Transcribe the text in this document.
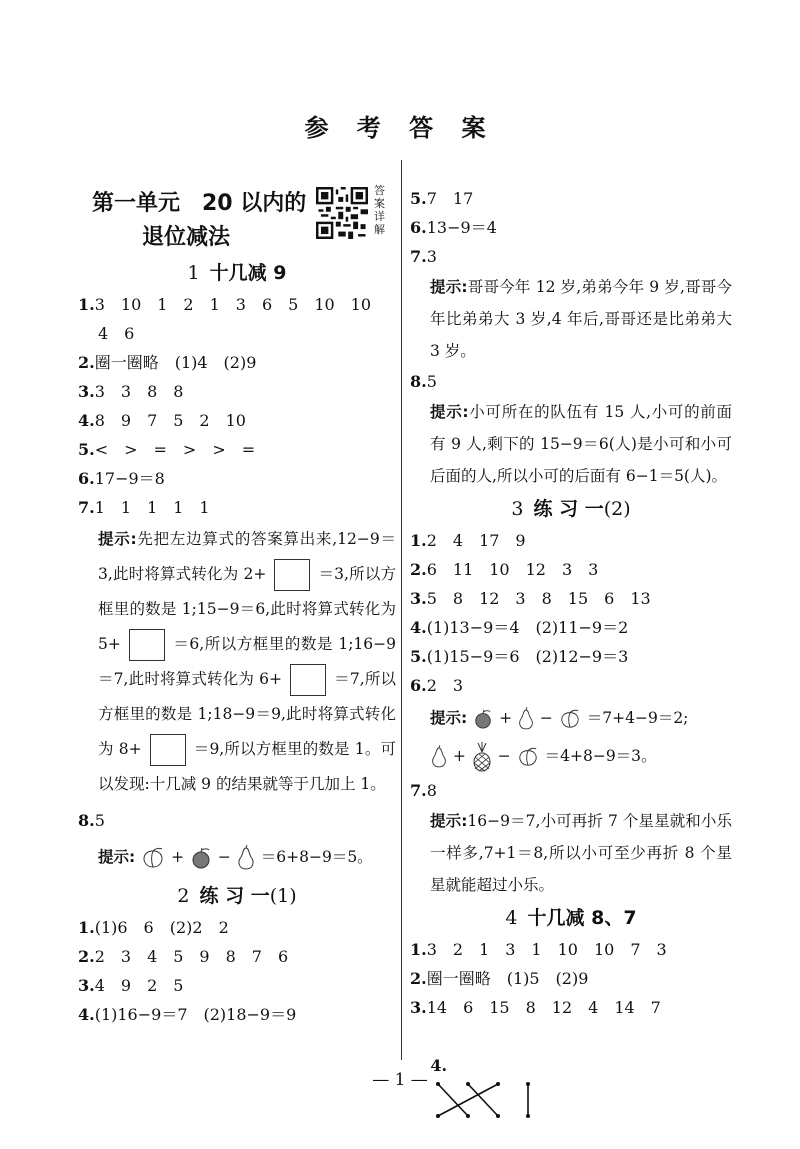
参 考 答 案
第一单元　20 以内的
退位减法
答案详解
1 十几减 9
1.3　10　1　2　1　3　6　5　10　10
4　6
2.圈一圈略　(1)4　(2)9
3.3　3　8　8
4.8　9　7　5　2　10
5.<　>　=　>　>　=
6.17−9＝8
7.1　1　1　1　1
提示:先把左边算式的答案算出来,12−9＝3,此时将算式转化为 2+	＝3,所以方框里的数是 1;15−9＝6,此时将算式转化为 5+	＝6,所以方框里的数是 1;16−9＝7,此时将算式转化为 6+	＝7,所以方框里的数是 1;18−9＝9,此时将算式转化为 8+	＝9,所以方框里的数是 1。可以发现:十几减 9 的结果就等于几加上 1。
8.5
提示:  +  −  ＝6+8−9＝5。
2 练 习 一(1)
1.(1)6　6　(2)2　2
2.2　3　4　5　9　8　7　6
3.4　9　2　5
4.(1)16−9＝7　(2)18−9＝9
5.7　17
6.13−9＝4
7.3
提示:哥哥今年 12 岁,弟弟今年 9 岁,哥哥今年比弟弟大 3 岁,4 年后,哥哥还是比弟弟大 3 岁。
8.5
提示:小可所在的队伍有 15 人,小可的前面有 9 人,剩下的 15−9＝6(人)是小可和小可后面的人,所以小可的后面有 6−1＝5(人)。
3 练 习 一(2)
1.2　4　17　9
2.6　11　10　12　3　3
3.5　8　12　3　8　15　6　13
4.(1)13−9＝4　(2)11−9＝2
5.(1)15−9＝6　(2)12−9＝3
6.2　3
提示:  +  −  ＝7+4−9＝2;
+  −  ＝4+8−9＝3。
7.8
提示:16−9＝7,小可再折 7 个星星就和小乐一样多,7+1＝8,所以小可至少再折 8 个星星就能超过小乐。
4 十几减 8、7
1.3　2　1　3　1　10　10　7　3
2.圈一圈略　(1)5　(2)9
3.14　6　15　8　12　4　14　7

4.

— 1 —
